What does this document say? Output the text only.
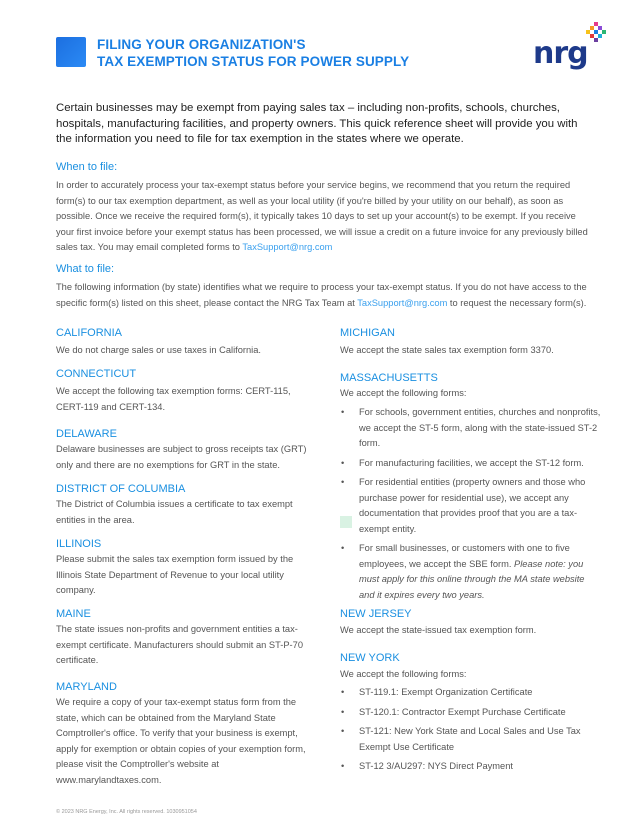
FILING YOUR ORGANIZATION'S
TAX EXEMPTION STATUS FOR POWER SUPPLY	nrg
Certain businesses may be exempt from paying sales tax – including non-profits, schools, churches, hospitals, manufacturing facilities, and property owners. This quick reference sheet will provide you with the information you need to file for tax exemption in the states where we operate.
When to file:
In order to accurately process your tax-exempt status before your service begins, we recommend that you return the required form(s) to our tax exemption department, as well as your local utility (if you're billed by your utility on our behalf), as soon as possible. Once we receive the required form(s), it typically takes 10 days to set up your account(s) to be exempt. If you receive your first invoice before your exempt status has been processed, we will issue a credit on a future invoice for any previously billed sales tax. You may email completed forms to TaxSupport@nrg.com
What to file:
The following information (by state) identifies what we require to process your tax-exempt status. If you do not have access to the specific form(s) listed on this sheet, please contact the NRG Tax Team at TaxSupport@nrg.com to request the necessary form(s).
CALIFORNIA
We do not charge sales or use taxes in California.
CONNECTICUT
We accept the following tax exemption forms: CERT-115, CERT-119 and CERT-134.
DELAWARE
Delaware businesses are subject to gross receipts tax (GRT) only and there are no exemptions for GRT in the state.
DISTRICT OF COLUMBIA
The District of Columbia issues a certificate to tax exempt entities in the area.
ILLINOIS
Please submit the sales tax exemption form issued by the Illinois State Department of Revenue to your local utility company.
MAINE
The state issues non-profits and government entities a tax-exempt certificate. Manufacturers should submit an ST-P-70 certificate.
MARYLAND
We require a copy of your tax-exempt status form from the state, which can be obtained from the Maryland State Comptroller's office. To verify that your business is exempt, apply for exemption or obtain copies of your exemption form, please visit the Comptroller's website at www.marylandtaxes.com.
MICHIGAN
We accept the state sales tax exemption form 3370.
MASSACHUSETTS
We accept the following forms:
• For schools, government entities, churches and nonprofits, we accept the ST-5 form, along with the state-issued ST-2 form.
• For manufacturing facilities, we accept the ST-12 form.
• For residential entities (property owners and those who purchase power for residential use), we accept any documentation that provides proof that you are a tax-exempt entity.
• For small businesses, or customers with one to five employees, we accept the SBE form. Please note: you must apply for this online through the MA state website and it expires every two years.
NEW JERSEY
We accept the state-issued tax exemption form.
NEW YORK
We accept the following forms:
• ST-119.1: Exempt Organization Certificate
• ST-120.1: Contractor Exempt Purchase Certificate
• ST-121: New York State and Local Sales and Use Tax Exempt Use Certificate
• ST-12 3/AU297: NYS Direct Payment
© 2023 NRG Energy, Inc. All rights reserved. 1030951054
